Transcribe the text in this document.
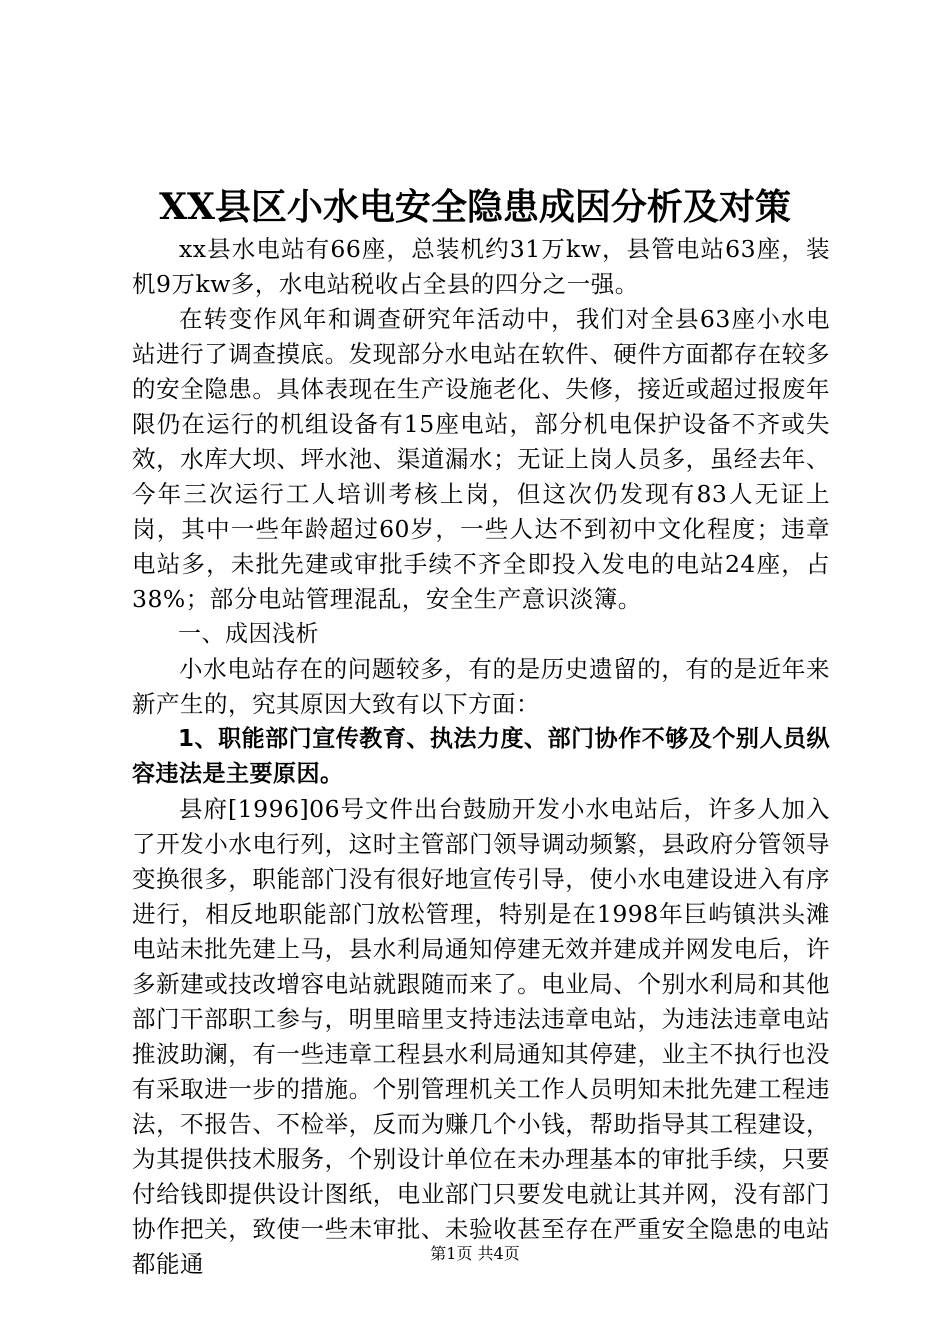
XX县区小水电安全隐患成因分析及对策

xx县水电站有66座，总装机约31万kw，县管电站63座，装机9万kw多，水电站税收占全县的四分之一强。

在转变作风年和调查研究年活动中，我们对全县63座小水电站进行了调查摸底。发现部分水电站在软件、硬件方面都存在较多的安全隐患。具体表现在生产设施老化、失修，接近或超过报废年限仍在运行的机组设备有15座电站，部分机电保护设备不齐或失效，水库大坝、坪水池、渠道漏水；无证上岗人员多，虽经去年、今年三次运行工人培训考核上岗，但这次仍发现有83人无证上岗，其中一些年龄超过60岁，一些人达不到初中文化程度；违章电站多，未批先建或审批手续不齐全即投入发电的电站24座，占38%；部分电站管理混乱，安全生产意识淡簿。

一、成因浅析

小水电站存在的问题较多，有的是历史遗留的，有的是近年来新产生的，究其原因大致有以下方面：

1、职能部门宣传教育、执法力度、部门协作不够及个别人员纵容违法是主要原因。

县府[1996]06号文件出台鼓励开发小水电站后，许多人加入了开发小水电行列，这时主管部门领导调动频繁，县政府分管领导变换很多，职能部门没有很好地宣传引导，使小水电建设进入有序进行，相反地职能部门放松管理，特别是在1998年巨屿镇洪头滩电站未批先建上马，县水利局通知停建无效并建成并网发电后，许多新建或技改增容电站就跟随而来了。电业局、个别水利局和其他部门干部职工参与，明里暗里支持违法违章电站，为违法违章电站推波助澜，有一些违章工程县水利局通知其停建，业主不执行也没有采取进一步的措施。个别管理机关工作人员明知未批先建工程违法，不报告、不检举，反而为赚几个小钱，帮助指导其工程建设，为其提供技术服务，个别设计单位在未办理基本的审批手续，只要付给钱即提供设计图纸，电业部门只要发电就让其并网，没有部门协作把关，致使一些未审批、未验收甚至存在严重安全隐患的电站都能通	第1页 共4页
